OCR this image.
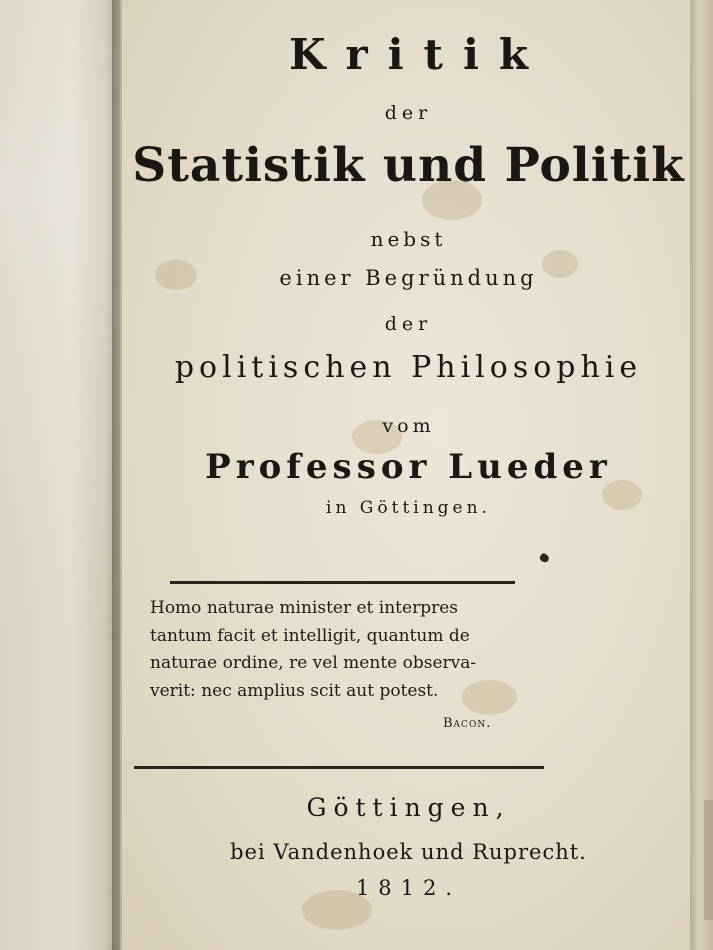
Kritik
der
Statistik und Politik
nebst
einer Begründung
der
politischen Philosophie
vom
Professor Lueder
in Göttingen.
Göttingen,
bei Vandenhoek und Ruprecht.
1812.
Homo naturae minister et interpres
tantum facit et intelligit, quantum de
naturae ordine, re vel mente observa-
verit: nec amplius scit aut potest.
Bacon.
